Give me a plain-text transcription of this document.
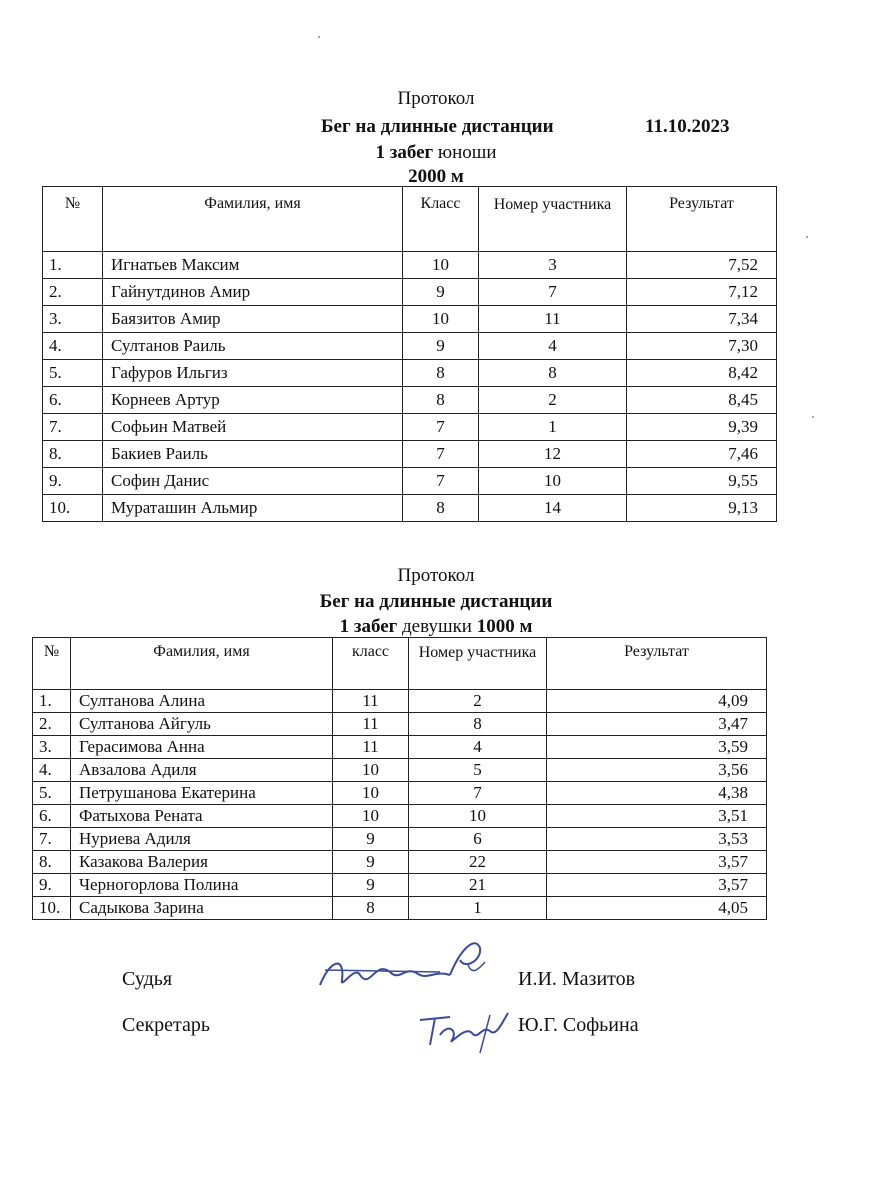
Протокол
Бег на длинные дистанции	11.10.2023
1 забег юноши
2000 м
№	Фамилия, имя	Класс	Номер участника	Результат
1.	Игнатьев Максим	10	3	7,52
2.	Гайнутдинов Амир	9	7	7,12
3.	Баязитов Амир	10	11	7,34
4.	Султанов Раиль	9	4	7,30
5.	Гафуров Ильгиз	8	8	8,42
6.	Корнеев Артур	8	2	8,45
7.	Софьин Матвей	7	1	9,39
8.	Бакиев Раиль	7	12	7,46
9.	Софин Данис	7	10	9,55
10.	Мураташин Альмир	8	14	9,13
Протокол
Бег на длинные дистанции
1 забег девушки 1000 м
№	Фамилия, имя	класс	Номер участника	Результат
1.	Султанова Алина	11	2	4,09
2.	Султанова Айгуль	11	8	3,47
3.	Герасимова Анна	11	4	3,59
4.	Авзалова Адиля	10	5	3,56
5.	Петрушанова Екатерина	10	7	4,38
6.	Фатыхова Рената	10	10	3,51
7.	Нуриева Адиля	9	6	3,53
8.	Казакова Валерия	9	22	3,57
9.	Черногорлова Полина	9	21	3,57
10.	Садыкова Зарина	8	1	4,05
Судья	И.И. Мазитов
Секретарь	Ю.Г. Софьина
